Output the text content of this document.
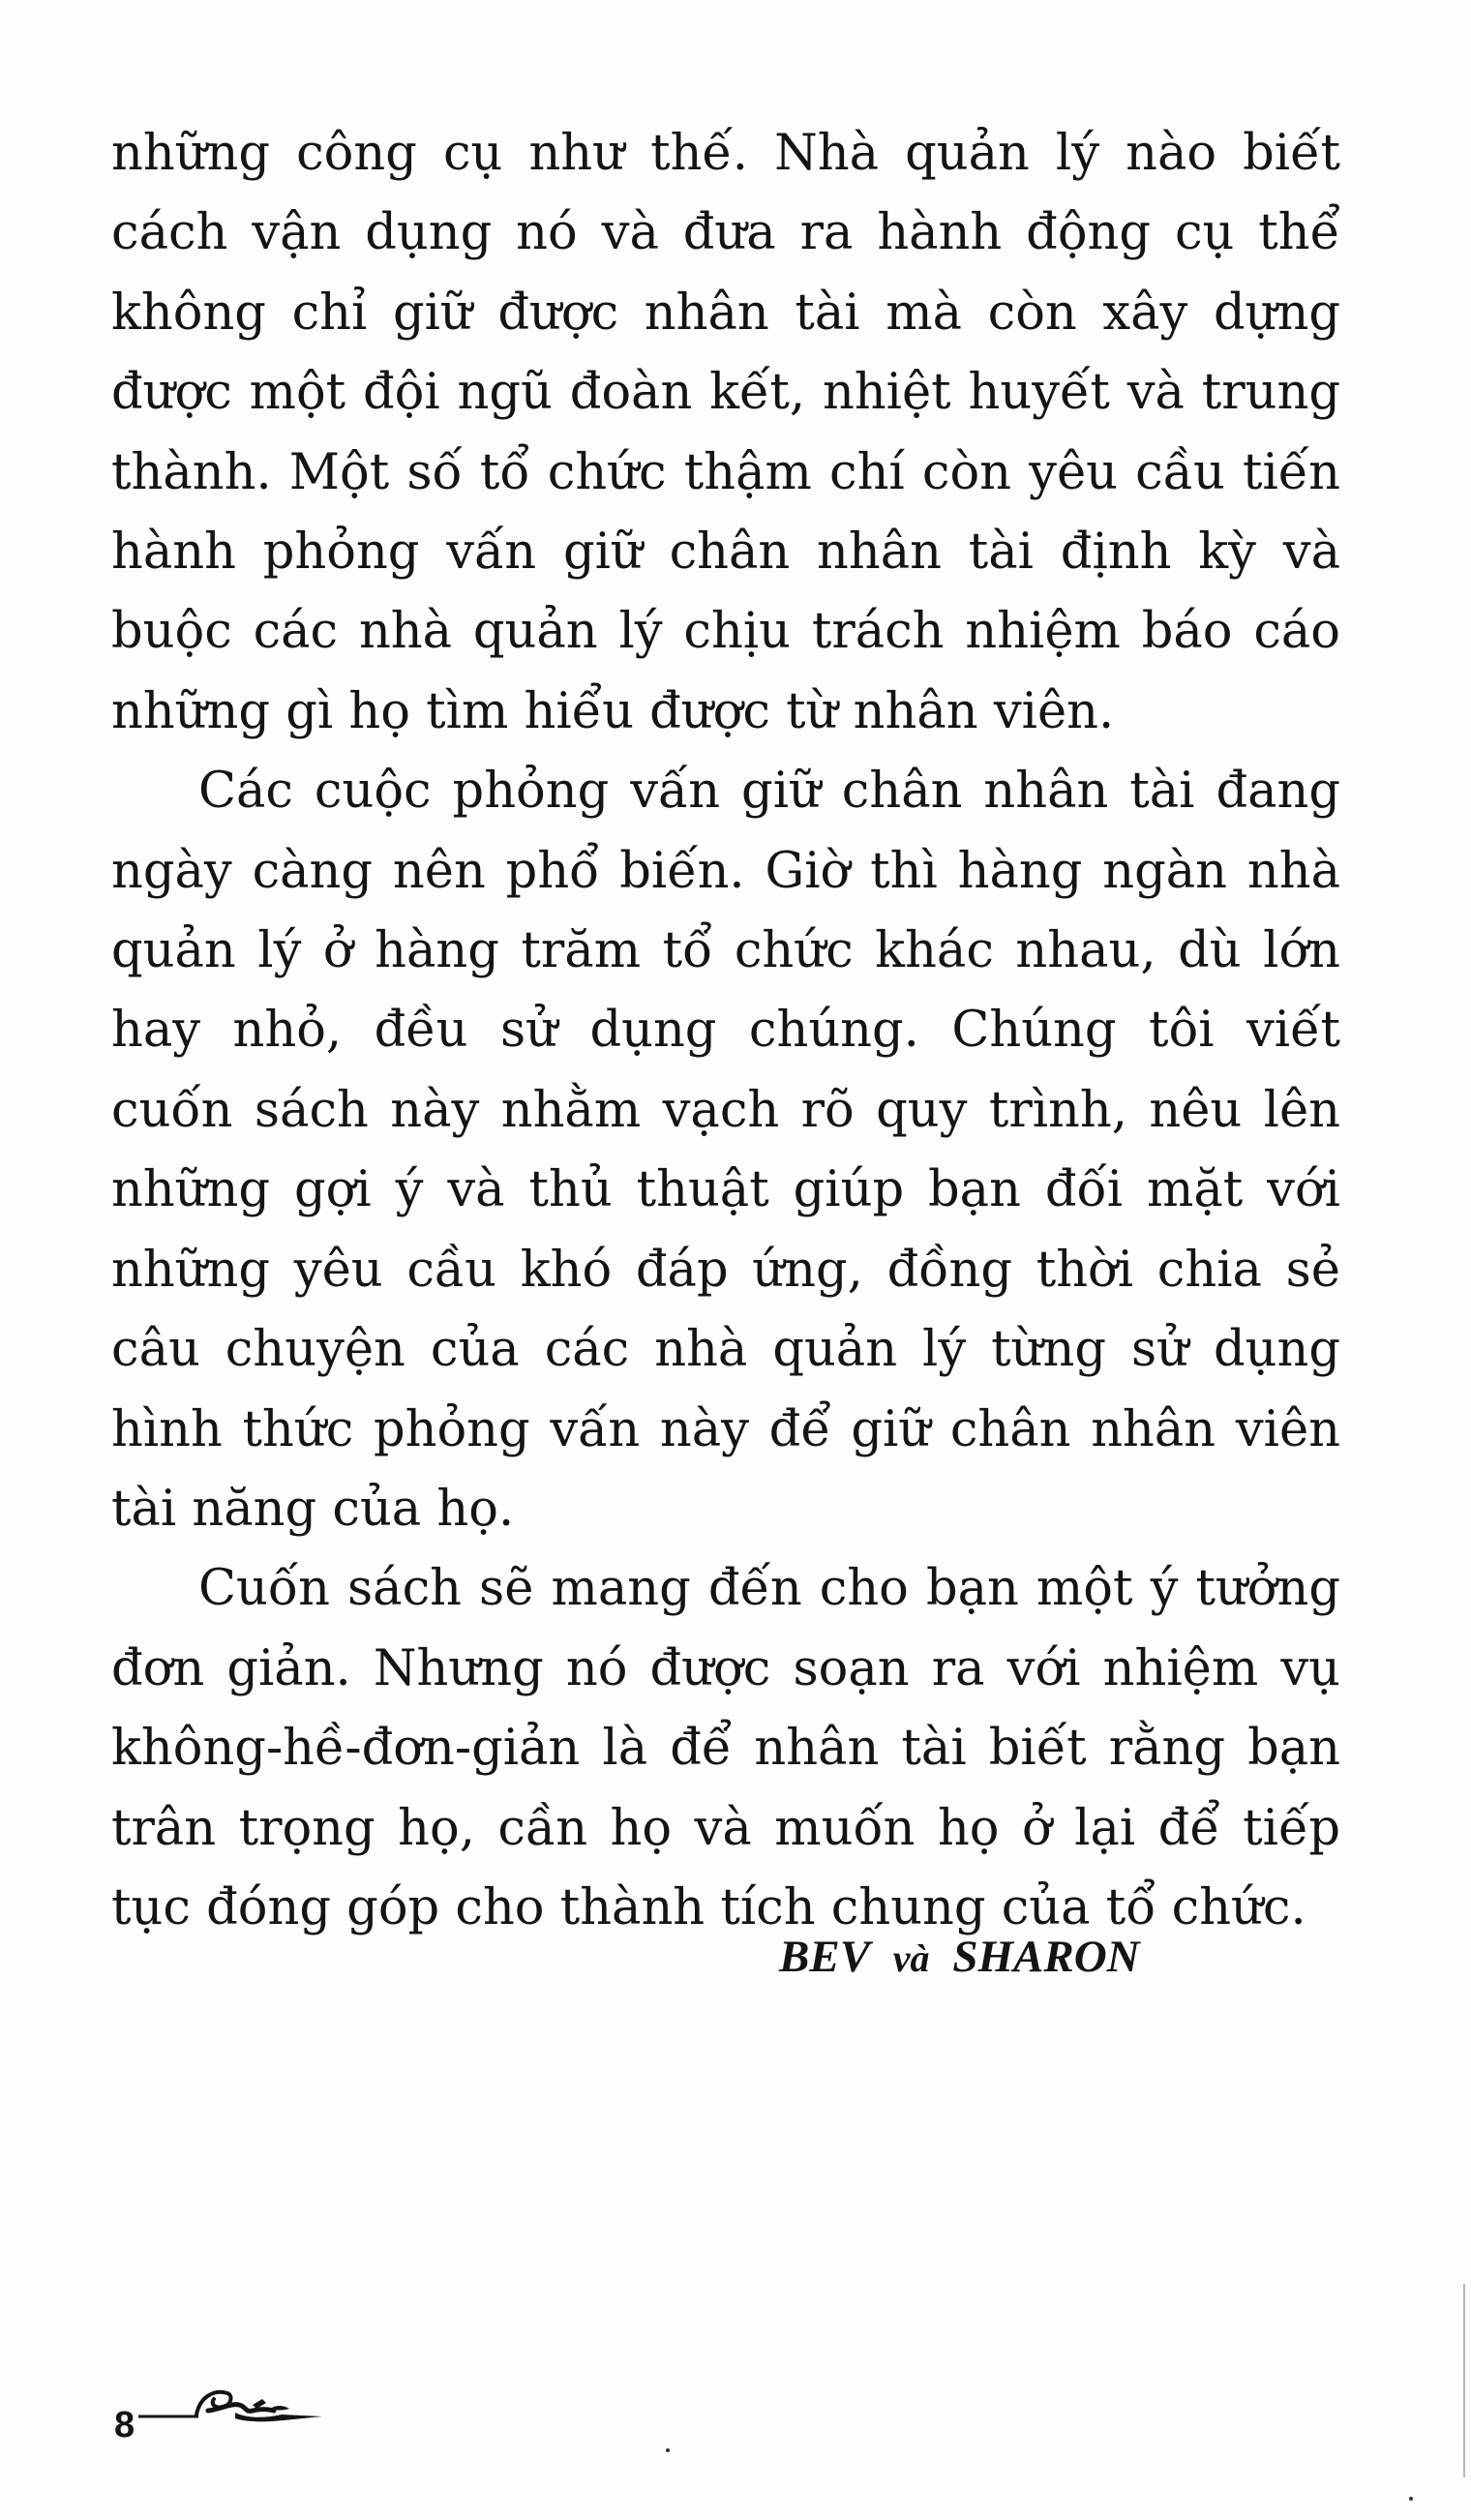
những công cụ như thế. Nhà quản lý nào biết cách vận dụng nó và đưa ra hành động cụ thể không chỉ giữ được nhân tài mà còn xây dựng được một đội ngũ đoàn kết, nhiệt huyết và trung thành. Một số tổ chức thậm chí còn yêu cầu tiến hành phỏng vấn giữ chân nhân tài định kỳ và buộc các nhà quản lý chịu trách nhiệm báo cáo những gì họ tìm hiểu được từ nhân viên.

Các cuộc phỏng vấn giữ chân nhân tài đang ngày càng nên phổ biến. Giờ thì hàng ngàn nhà quản lý ở hàng trăm tổ chức khác nhau, dù lớn hay nhỏ, đều sử dụng chúng. Chúng tôi viết cuốn sách này nhằm vạch rõ quy trình, nêu lên những gợi ý và thủ thuật giúp bạn đối mặt với những yêu cầu khó đáp ứng, đồng thời chia sẻ câu chuyện của các nhà quản lý từng sử dụng hình thức phỏng vấn này để giữ chân nhân viên tài năng của họ.

Cuốn sách sẽ mang đến cho bạn một ý tưởng đơn giản. Nhưng nó được soạn ra với nhiệm vụ không-hề-đơn-giản là để nhân tài biết rằng bạn trân trọng họ, cần họ và muốn họ ở lại để tiếp tục đóng góp cho thành tích chung của tổ chức.

BEV và SHARON
8
